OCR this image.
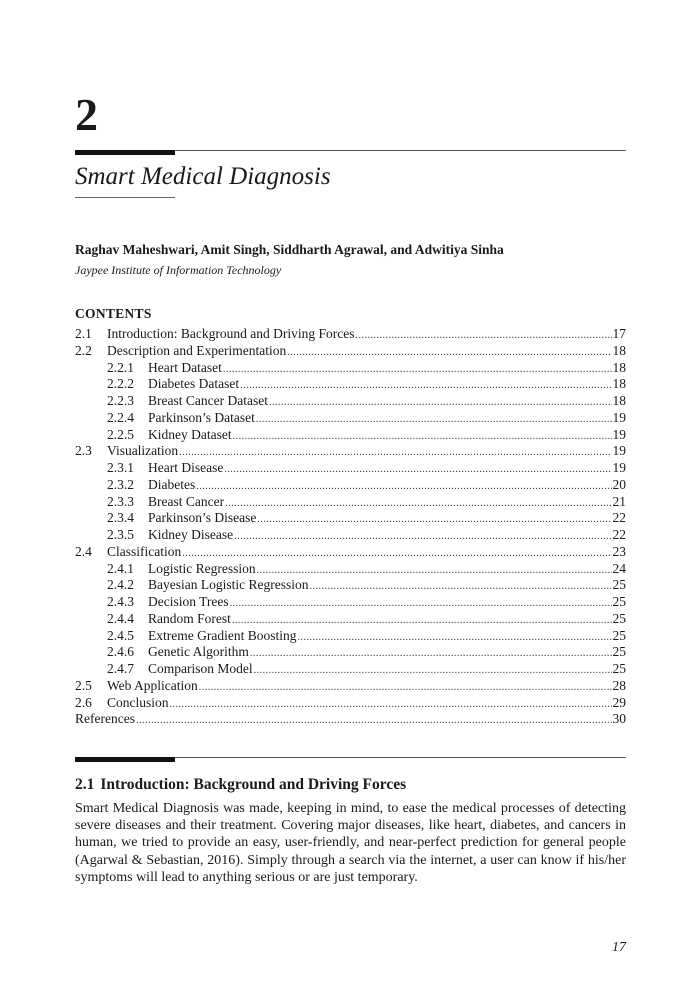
2
Smart Medical Diagnosis
Raghav Maheshwari, Amit Singh, Siddharth Agrawal, and Adwitiya Sinha
Jaypee Institute of Information Technology
CONTENTS
2.1	Introduction: Background and Driving Forces .....	17
2.2	Description and Experimentation .....	18
2.2.1	Heart Dataset .....	18
2.2.2	Diabetes Dataset .....	18
2.2.3	Breast Cancer Dataset .....	18
2.2.4	Parkinson’s Dataset .....	19
2.2.5	Kidney Dataset .....	19
2.3	Visualization .....	19
2.3.1	Heart Disease .....	19
2.3.2	Diabetes .....	20
2.3.3	Breast Cancer .....	21
2.3.4	Parkinson’s Disease .....	22
2.3.5	Kidney Disease .....	22
2.4	Classification .....	23
2.4.1	Logistic Regression .....	24
2.4.2	Bayesian Logistic Regression .....	25
2.4.3	Decision Trees .....	25
2.4.4	Random Forest .....	25
2.4.5	Extreme Gradient Boosting .....	25
2.4.6	Genetic Algorithm .....	25
2.4.7	Comparison Model .....	25
2.5	Web Application .....	28
2.6	Conclusion .....	29
References .....	30
2.1 Introduction: Background and Driving Forces

Smart Medical Diagnosis was made, keeping in mind, to ease the medical processes of detecting severe diseases and their treatment. Covering major diseases, like heart, diabetes, and cancers in human, we tried to provide an easy, user-friendly, and near-perfect prediction for general people (Agarwal & Sebastian, 2016). Simply through a search via the internet, a user can know if his/her symptoms will lead to anything serious or are just temporary.

17
